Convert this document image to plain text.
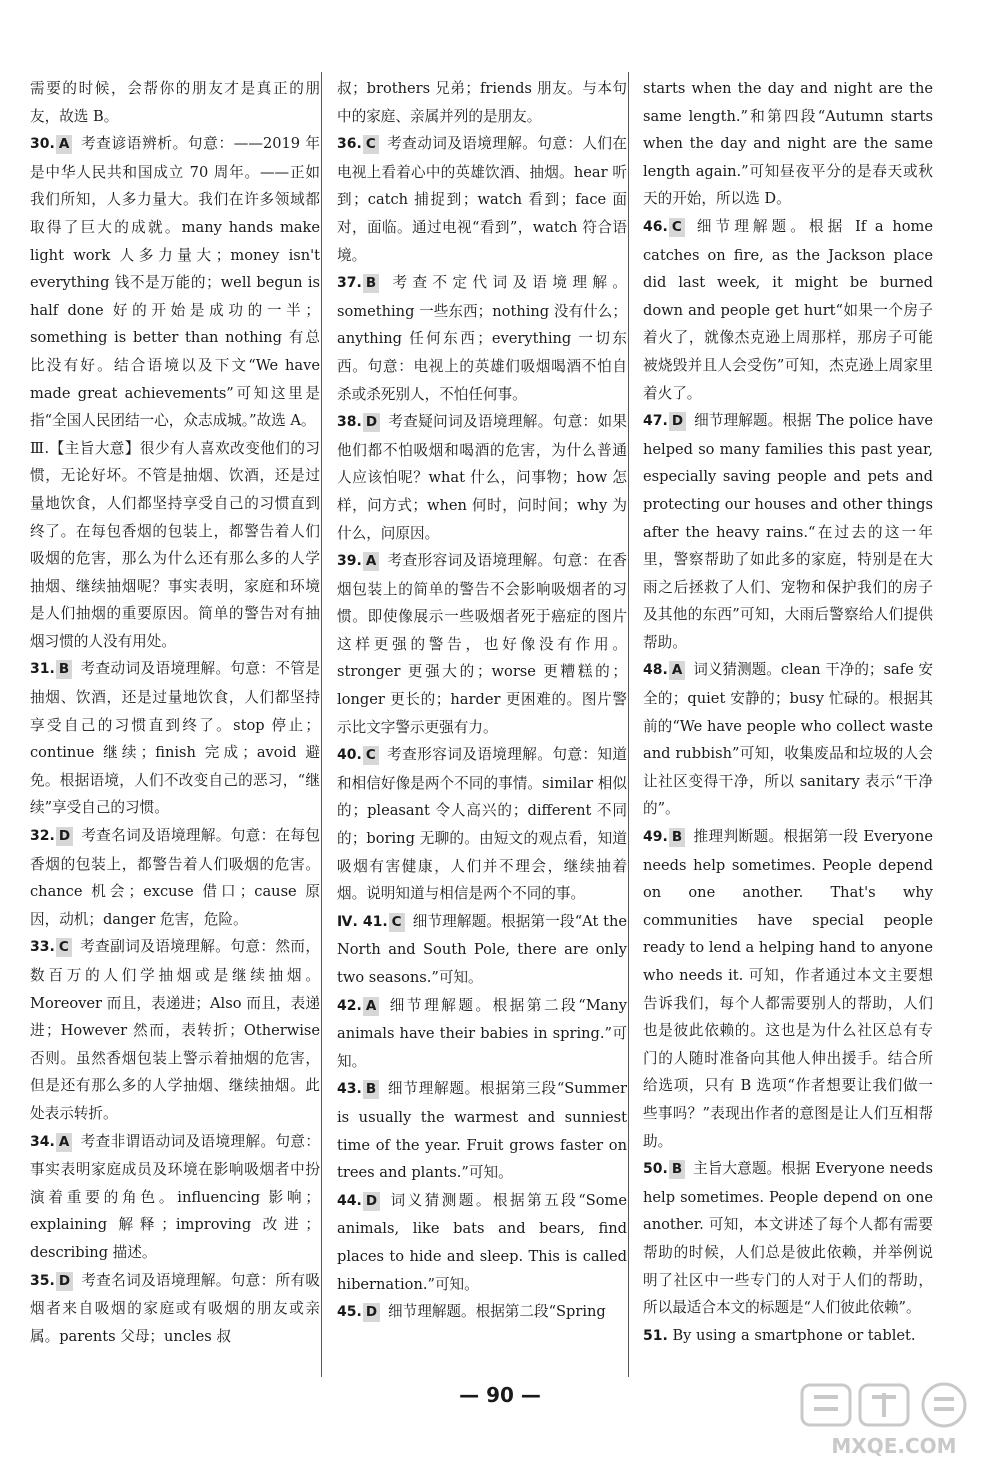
需要的时候，会帮你的朋友才是真正的朋友，故选 B。

30. A 考查谚语辨析。句意：——2019 年是中华人民共和国成立 70 周年。——正如我们所知，人多力量大。我们在许多领域都取得了巨大的成就。many hands make light work 人多力量大；money isn't everything 钱不是万能的；well begun is half done 好的开始是成功的一半；something is better than nothing 有总比没有好。结合语境以及下文“We have made great achievements”可知这里是指“全国人民团结一心，众志成城。”故选 A。

Ⅲ.【主旨大意】很少有人喜欢改变他们的习惯，无论好坏。不管是抽烟、饮酒，还是过量地饮食，人们都坚持享受自己的习惯直到终了。在每包香烟的包装上，都警告着人们吸烟的危害，那么为什么还有那么多的人学抽烟、继续抽烟呢？事实表明，家庭和环境是人们抽烟的重要原因。简单的警告对有抽烟习惯的人没有用处。

31. B 考查动词及语境理解。句意：不管是抽烟、饮酒，还是过量地饮食，人们都坚持享受自己的习惯直到终了。stop 停止；continue 继续；finish 完成；avoid 避免。根据语境，人们不改变自己的恶习，“继续”享受自己的习惯。

32. D 考查名词及语境理解。句意：在每包香烟的包装上，都警告着人们吸烟的危害。chance 机会；excuse 借口；cause 原因，动机；danger 危害，危险。

33. C 考查副词及语境理解。句意：然而，数百万的人们学抽烟或是继续抽烟。Moreover 而且，表递进；Also 而且，表递进；However 然而，表转折；Otherwise 否则。虽然香烟包装上警示着抽烟的危害，但是还有那么多的人学抽烟、继续抽烟。此处表示转折。

34. A 考查非谓语动词及语境理解。句意：事实表明家庭成员及环境在影响吸烟者中扮演着重要的角色。influencing 影响；explaining 解释；improving 改进；describing 描述。

35. D 考查名词及语境理解。句意：所有吸烟者来自吸烟的家庭或有吸烟的朋友或亲属。parents 父母；uncles 叔

叔；brothers 兄弟；friends 朋友。与本句中的家庭、亲属并列的是朋友。

36. C 考查动词及语境理解。句意：人们在电视上看着心中的英雄饮酒、抽烟。hear 听到；catch 捕捉到；watch 看到；face 面对，面临。通过电视“看到”，watch 符合语境。

37. B 考查不定代词及语境理解。something 一些东西；nothing 没有什么；anything 任何东西；everything 一切东西。句意：电视上的英雄们吸烟喝酒不怕自杀或杀死别人，不怕任何事。

38. D 考查疑问词及语境理解。句意：如果他们都不怕吸烟和喝酒的危害，为什么普通人应该怕呢？what 什么，问事物；how 怎样，问方式；when 何时，问时间；why 为什么，问原因。

39. A 考查形容词及语境理解。句意：在香烟包装上的简单的警告不会影响吸烟者的习惯。即使像展示一些吸烟者死于癌症的图片这样更强的警告，也好像没有作用。stronger 更强大的；worse 更糟糕的；longer 更长的；harder 更困难的。图片警示比文字警示更强有力。

40. C 考查形容词及语境理解。句意：知道和相信好像是两个不同的事情。similar 相似的；pleasant 令人高兴的；different 不同的；boring 无聊的。由短文的观点看，知道吸烟有害健康，人们并不理会，继续抽着烟。说明知道与相信是两个不同的事。

Ⅳ. 41. C 细节理解题。根据第一段“At the North and South Pole, there are only two seasons.”可知。

42. A 细节理解题。根据第二段“Many animals have their babies in spring.”可知。

43. B 细节理解题。根据第三段“Summer is usually the warmest and sunniest time of the year. Fruit grows faster on trees and plants.”可知。

44. D 词义猜测题。根据第五段“Some animals, like bats and bears, find places to hide and sleep. This is called hibernation.”可知。

45. D 细节理解题。根据第二段“Spring

starts when the day and night are the same length.”和第四段“Autumn starts when the day and night are the same length again.”可知昼夜平分的是春天或秋天的开始，所以选 D。

46. C 细节理解题。根据 If a home catches on fire, as the Jackson place did last week, it might be burned down and people get hurt“如果一个房子着火了，就像杰克逊上周那样，那房子可能被烧毁并且人会受伤”可知，杰克逊上周家里着火了。

47. D 细节理解题。根据 The police have helped so many families this past year, especially saving people and pets and protecting our houses and other things after the heavy rains.“在过去的这一年里，警察帮助了如此多的家庭，特别是在大雨之后拯救了人们、宠物和保护我们的房子及其他的东西”可知，大雨后警察给人们提供帮助。

48. A 词义猜测题。clean 干净的；safe 安全的；quiet 安静的；busy 忙碌的。根据其前的“We have people who collect waste and rubbish”可知，收集废品和垃圾的人会让社区变得干净，所以 sanitary 表示“干净的”。

49. B 推理判断题。根据第一段 Everyone needs help sometimes. People depend on one another. That's why communities have special people ready to lend a helping hand to anyone who needs it. 可知，作者通过本文主要想告诉我们，每个人都需要别人的帮助，人们也是彼此依赖的。这也是为什么社区总有专门的人随时准备向其他人伸出援手。结合所给选项，只有 B 选项“作者想要让我们做一些事吗？”表现出作者的意图是让人们互相帮助。

50. B 主旨大意题。根据 Everyone needs help sometimes. People depend on one another. 可知，本文讲述了每个人都有需要帮助的时候，人们总是彼此依赖，并举例说明了社区中一些专门的人对于人们的帮助，所以最适合本文的标题是“人们彼此依赖”。

51. By using a smartphone or tablet.

— 90 —
MXQE.COM
